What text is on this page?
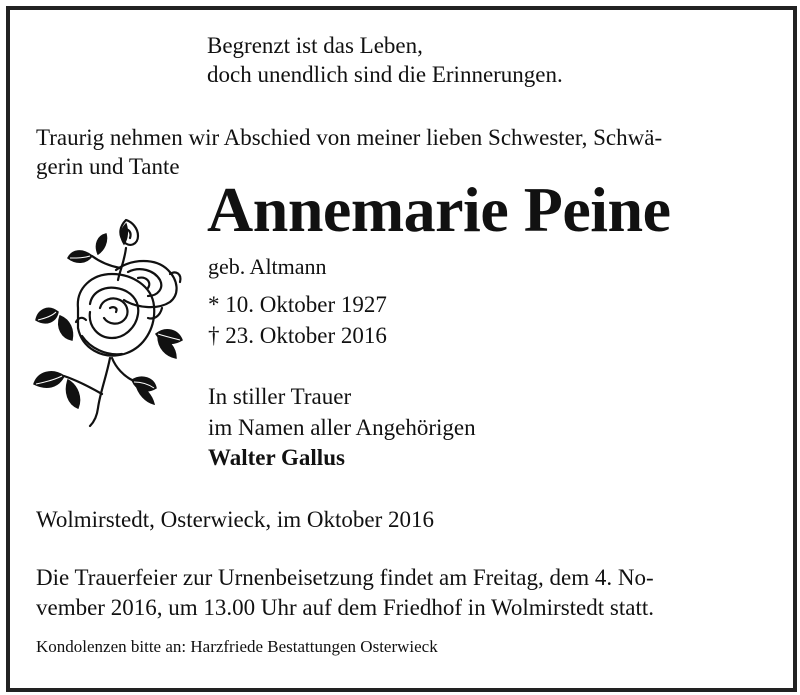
Begrenzt ist das Leben,
doch unendlich sind die Erinnerungen.
Traurig nehmen wir Abschied von meiner lieben Schwester, Schwä-
gerin und Tante
Annemarie Peine
geb. Altmann
* 10. Oktober 1927
† 23. Oktober 2016
In stiller Trauer
im Namen aller Angehörigen
Walter Gallus
Wolmirstedt, Osterwieck, im Oktober 2016
Die Trauerfeier zur Urnenbeisetzung findet am Freitag, dem 4. No-
vember 2016, um 13.00 Uhr auf dem Friedhof in Wolmirstedt statt.
Kondolenzen bitte an: Harzfriede Bestattungen Osterwieck
